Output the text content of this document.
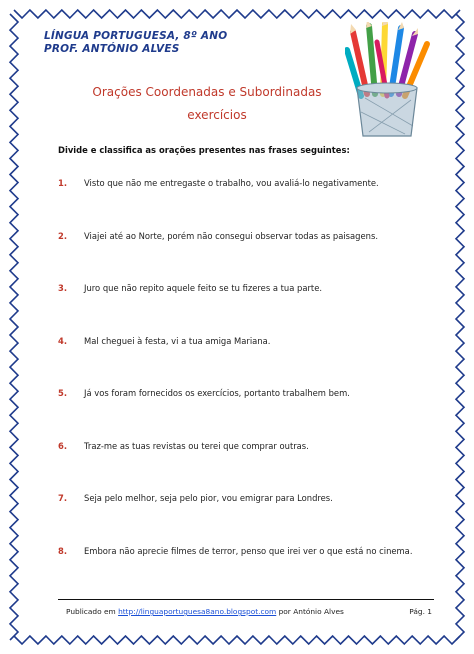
LÍNGUA PORTUGUESA, 8º ANO
PROF. ANTÓNIO ALVES
Orações Coordenadas e Subordinadas
exercícios
Divide e classifica as orações presentes nas frases seguintes:
1.	Visto que não me entregaste o trabalho, vou avaliá-lo negativamente.
2.	Viajei até ao Norte, porém não consegui observar todas as paisagens.
3.	Juro que não repito aquele feito se tu fizeres a tua parte.
4.	Mal cheguei à festa, vi a tua amiga Mariana.
5.	Já vos foram fornecidos os exercícios, portanto trabalhem bem.
6.	Traz-me as tuas revistas ou terei que comprar outras.
7.	Seja pelo melhor, seja pelo pior, vou emigrar para Londres.
8.	Embora não aprecie filmes de terror, penso que irei ver o que está no cinema.
Publicado em http://linguaportuguesa8ano.blogspot.com por António Alves	Pág. 1
